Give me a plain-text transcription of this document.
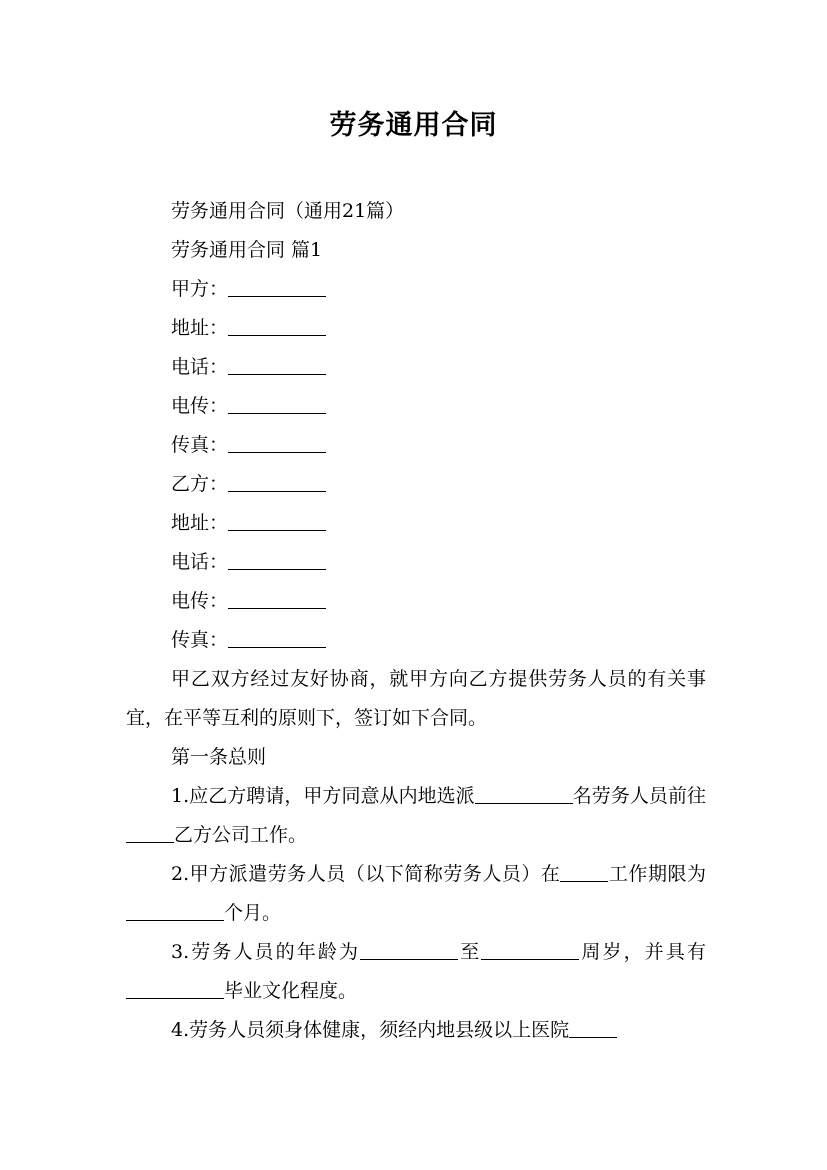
劳务通用合同
劳务通用合同（通用21篇）
劳务通用合同 篇1
甲方：
地址：
电话：
电传：
传真：
乙方：
地址：
电话：
电传：
传真：
甲乙双方经过友好协商，就甲方向乙方提供劳务人员的有关事宜，在平等互利的原则下，签订如下合同。
第一条总则
1.应乙方聘请，甲方同意从内地选派	名劳务人员前往乙方公司工作。
2.甲方派遣劳务人员（以下简称劳务人员）在	工作期限为个月。
3.劳务人员的年龄为	至	周岁，并具有毕业文化程度。
4.劳务人员须身体健康，须经内地县级以上医院
